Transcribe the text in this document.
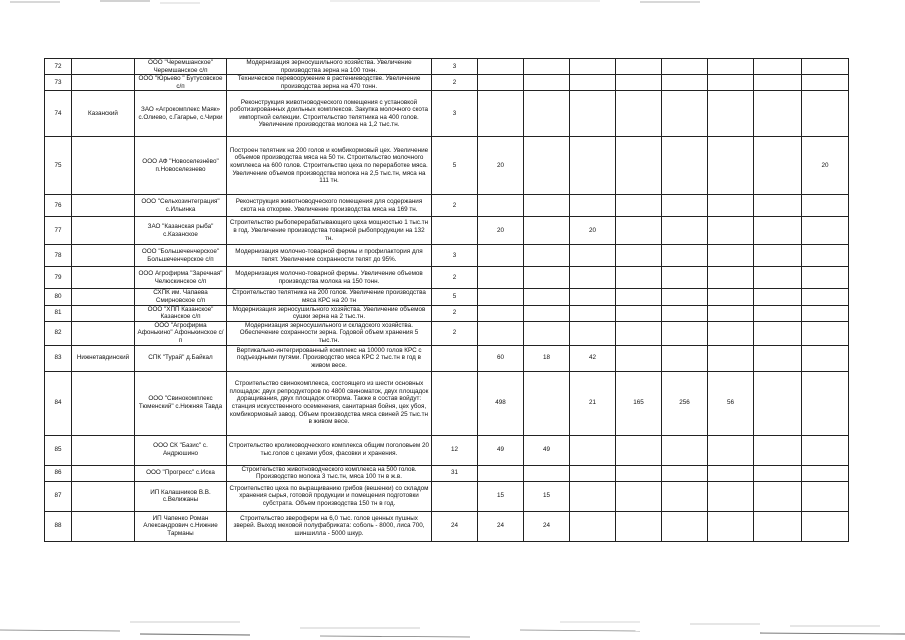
72		ООО "Черемшанское" Черемшанское с/п	Модернизация зерносушильного хозяйства. Увеличение производства зерна на 100 тонн.	3								
73		ООО "Юрьево " Бутусовское с/п	Техническое перевооружение в растениеводстве. Увеличение производства зерна на 470 тонн.	2								
74	Казанский	ЗАО «Агрокомплекс Маяк» с.Олиево, с.Гагарье, с.Чирки	Реконструкция животноводческого помещения с установкой роботизированных доильных комплексов. Закупка молочного скота импортной селекции. Строительство телятника на 400 голов. Увеличение производства молока на 1,2 тыс.тн.	3								
75		ООО АФ "Новоселезнёво" п.Новоселезнево	Построен телятник на 200 голов и комбикормовый цех. Увеличение объемов производства мяса на 50 тн. Строительство молочного комплекса на 600 голов. Строительство цеха по переработке мяса. Увеличение объемов производства молока на 2,5 тыс.тн, мяса на 111 тн.	5	20							20
76		ООО "Сельхозинтеграция" с.Ильинка	Реконструкция животноводческого помещения для содержания скота на откорме. Увеличение производства мяса на 169 тн.	2								
77		ЗАО "Казанская рыба" с.Казанское	Строительство рыбоперерабатывающего цеха мощностью 1 тыс.тн в год. Увеличение производства товарной рыбопродукции на 132 тн.		20		20					
78		ООО "Большеченчерское" Большеченчерское с/п	Модернизация молочно-товарной фермы и профилактория для телят. Увеличение сохранности телят до 95%.	3								
79		ООО Агрофирма "Заречная" Челюскинское с/п	Модернизация молочно-товарной фермы. Увеличение объемов производства молока на 150 тонн.	2								
80		СХПК им. Чапаева Смирновское с/п	Строительство телятника на 200 голов. Увеличение производства мяса КРС на 20 тн	5								
81		ООО "ХПП Казанское" Казанское с/п	Модернизация зерносушильного хозяйства. Увеличение объемов сушки зерна на 2 тыс.тн.	2								
82		ООО "Агрофирма Афонькино" Афонькинское с/п	Модернизация зерносушильного и складского хозяйства. Обеспечение сохранности зерна. Годовой объем хранения 5 тыс.тн.	2								
83	Нижнетавдинский	СПК "Турай" д.Байкал	Вертикально-интегрированный комплекс на 10000 голов КРС с подъездными путями. Производство мяса КРС 2 тыс.тн в год в живом весе.		60	18	42					
84		ООО "Свинокомплекс Тюменский" с.Нижняя Тавда	Строительство свинокомплекса, состоящего из шести основных площадок: двух репродукторов по 4800 свиноматок, двух площадок доращивания, двух площадок откорма. Также в состав войдут: станция искусственного осеменения, санитарная бойня, цех убоя, комбикормовый завод. Объем производства мяса свиней 25 тыс.тн в живом весе.		498		21	165	256	56		
85		ООО СК "Базис" с. Андрюшино	Строительство кролиководческого комплекса общим поголовьем 20 тыс.голов с цехами убоя, фасовки и хранения.	12	49	49						
86		ООО "Прогресс" с.Иска	Строительство животноводческого комплекса на 500 голов. Производство молока 3 тыс.тн, мяса 100 тн в ж.в.	31								
87		ИП Калашников В.В. с.Велижаны	Строительство цеха по выращиванию грибов (вешенки) со складом хранения сырья, готовой продукции и помещения подготовки субстрата. Объем производства 150 тн в год.		15	15						
88		ИП Чапенко Роман Александрович с.Нижние Тарманы	Строительство звероферм на 6,0 тыс. голов ценных пушных зверей. Выход меховой полуфабриката: соболь - 8000, лиса 700, шиншилла - 5000 шкур.	24	24	24						
